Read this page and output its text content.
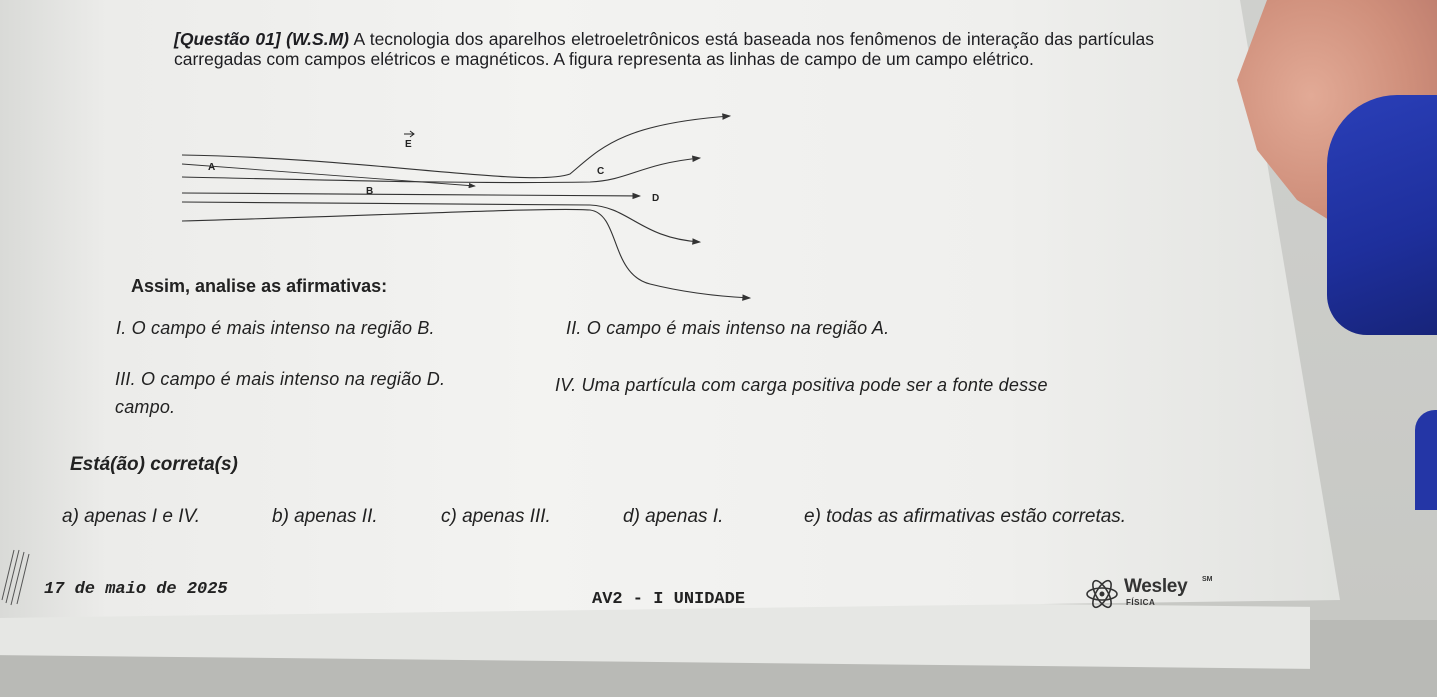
[Questão 01] (W.S.M) A tecnologia dos aparelhos eletroeletrônicos está baseada nos fenômenos de interação das partículas carregadas com campos elétricos e magnéticos. A figura representa as linhas de campo de um campo elétrico.
E
A
B
C
D
Assim, analise as afirmativas:
I. O campo é mais intenso na região B.	II. O campo é mais intenso na região A.
III. O campo é mais intenso na região D.	IV. Uma partícula com carga positiva pode ser a fonte desse
campo.
Está(ão) correta(s)
a) apenas I e IV.	b) apenas II.	c) apenas III.	d) apenas I.	e) todas as afirmativas estão corretas.
17 de maio de 2025
AV2 - I UNIDADE
Wesley SM
FÍSICA
